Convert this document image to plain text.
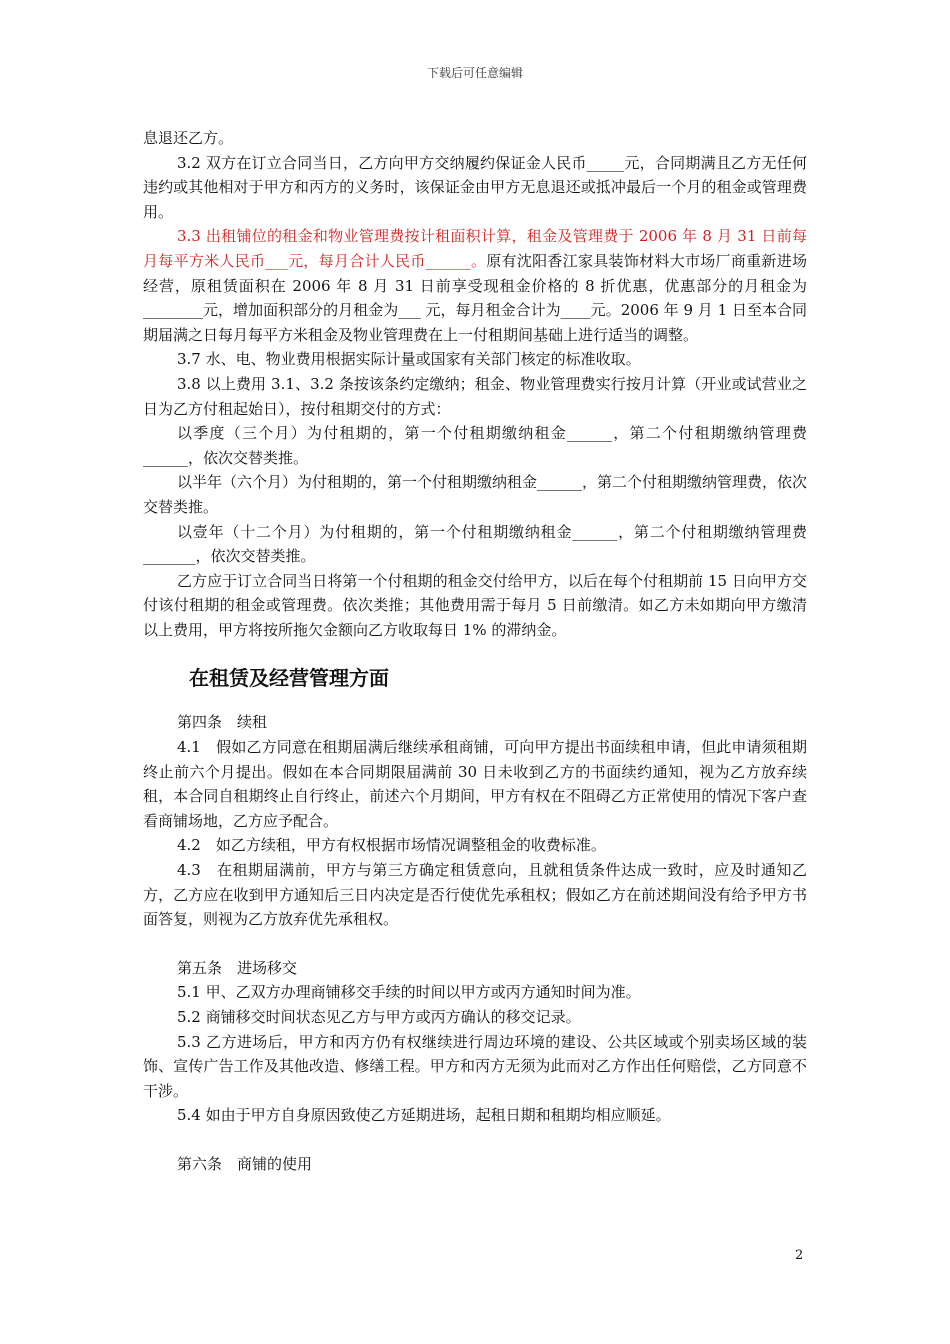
下载后可任意编辑

息退还乙方。

3.2 双方在订立合同当日，乙方向甲方交纳履约保证金人民币_____元，合同期满且乙方无任何违约或其他相对于甲方和丙方的义务时，该保证金由甲方无息退还或抵冲最后一个月的租金或管理费用。

3.3 出租铺位的租金和物业管理费按计租面积计算，租金及管理费于 2006 年 8 月 31 日前每月每平方米人民币___元，每月合计人民币______。原有沈阳香江家具装饰材料大市场厂商重新进场经营，原租赁面积在 2006 年 8 月 31 日前享受现租金价格的 8 折优惠，优惠部分的月租金为________元，增加面积部分的月租金为___ 元，每月租金合计为____元。2006 年 9 月 1 日至本合同期届满之日每月每平方米租金及物业管理费在上一付租期间基础上进行适当的调整。

3.7 水、电、物业费用根据实际计量或国家有关部门核定的标准收取。

3.8 以上费用 3.1、3.2 条按该条约定缴纳；租金、物业管理费实行按月计算（开业或试营业之日为乙方付租起始日），按付租期交付的方式：

以季度（三个月）为付租期的，第一个付租期缴纳租金______，第二个付租期缴纳管理费______，依次交替类推。

以半年（六个月）为付租期的，第一个付租期缴纳租金______，第二个付租期缴纳管理费，依次交替类推。

以壹年（十二个月）为付租期的，第一个付租期缴纳租金______，第二个付租期缴纳管理费_______，依次交替类推。

乙方应于订立合同当日将第一个付租期的租金交付给甲方，以后在每个付租期前 15 日向甲方交付该付租期的租金或管理费。依次类推；其他费用需于每月 5 日前缴清。如乙方未如期向甲方缴清以上费用，甲方将按所拖欠金额向乙方收取每日 1% 的滞纳金。

在租赁及经营管理方面

第四条　续租

4.1　假如乙方同意在租期届满后继续承租商铺，可向甲方提出书面续租申请，但此申请须租期终止前六个月提出。假如在本合同期限届满前 30 日未收到乙方的书面续约通知，视为乙方放弃续租，本合同自租期终止自行终止，前述六个月期间，甲方有权在不阻碍乙方正常使用的情况下客户查看商铺场地，乙方应予配合。

4.2　如乙方续租，甲方有权根据市场情况调整租金的收费标准。

4.3　在租期届满前，甲方与第三方确定租赁意向，且就租赁条件达成一致时，应及时通知乙方，乙方应在收到甲方通知后三日内决定是否行使优先承租权；假如乙方在前述期间没有给予甲方书面答复，则视为乙方放弃优先承租权。

第五条　进场移交

5.1 甲、乙双方办理商铺移交手续的时间以甲方或丙方通知时间为准。

5.2 商铺移交时间状态见乙方与甲方或丙方确认的移交记录。

5.3 乙方进场后，甲方和丙方仍有权继续进行周边环境的建设、公共区域或个别卖场区域的装饰、宣传广告工作及其他改造、修缮工程。甲方和丙方无须为此而对乙方作出任何赔偿，乙方同意不干涉。

5.4 如由于甲方自身原因致使乙方延期进场，起租日期和租期均相应顺延。

第六条　商铺的使用

2
